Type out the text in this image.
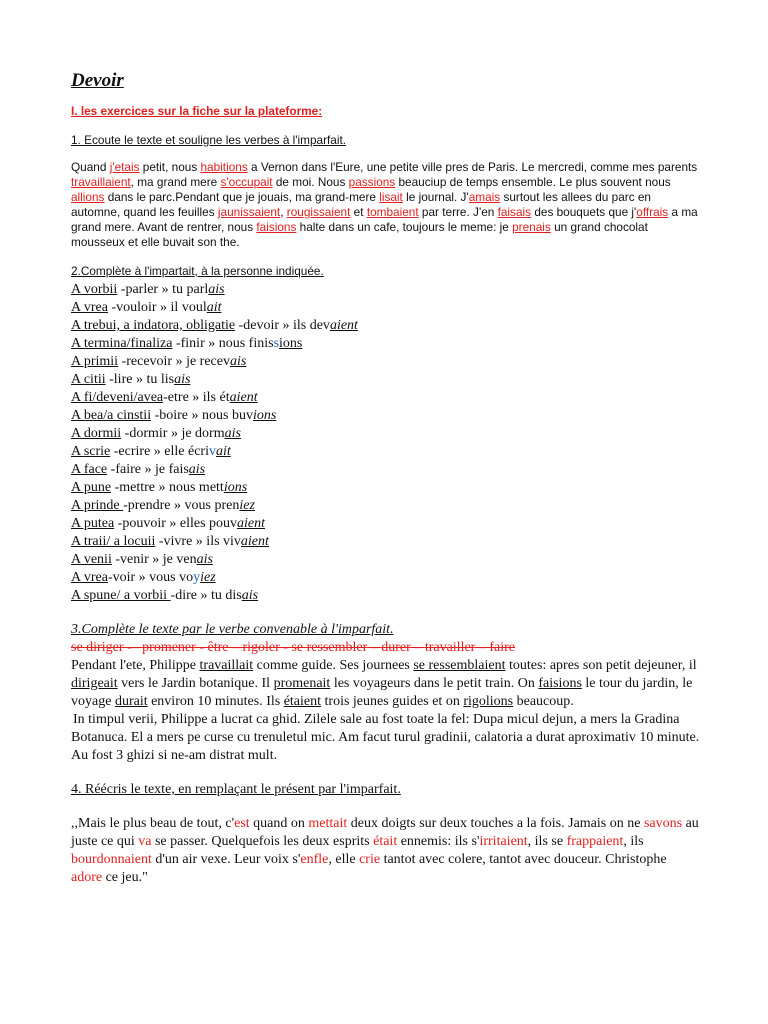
Devoir
I. les exercices sur la fiche sur la plateforme:
1. Ecoute le texte et souligne les verbes à l'imparfait.
Quand j'etais petit, nous habitions a Vernon dans l'Eure, une petite ville pres de Paris. Le mercredi, comme mes parents travaillaient, ma grand mere s'occupait de moi. Nous passions beauciup de temps ensemble. Le plus souvent nous allions dans le parc.Pendant que je jouais, ma grand-mere lisait le journal. J'amais surtout les allees du parc en automne, quand les feuilles jaunissaient, rougissaient et tombaient par terre. J'en faisais des bouquets que j'offrais a ma grand mere. Avant de rentrer, nous faisions halte dans un cafe, toujours le meme: je prenais un grand chocolat mousseux et elle buvait son the.
2.Complète à l'impartait, à la personne indiquée.
A vorbii -parler » tu parlais
A vrea -vouloir » il voulait
A trebui, a indatora, obligatie -devoir » ils devaient
A termina/finaliza -finir » nous finissions
A primii -recevoir » je recevais
A citii -lire » tu lisais
A fi/deveni/avea-etre » ils étaient
A bea/a cinstii -boire » nous buvions
A dormii -dormir » je dormais
A scrie -ecrire » elle écrivait
A face -faire » je faisais
A pune -mettre » nous mettions
A prinde -prendre » vous preniez
A putea -pouvoir » elles pouvaient
A traii/ a locuii -vivre » ils vivaient
A venii -venir » je venais
A vrea-voir » vous voyiez
A spune/ a vorbii -dire » tu disais
3.Complète le texte par le verbe convenable à l'imparfait.
se diriger -– promener - être – rigoler - se ressembler – durer – travailler – faire
Pendant l'ete, Philippe travaillait comme guide. Ses journees se ressemblaient toutes: apres son petit dejeuner, il dirigeait vers le Jardin botanique. Il promenait les voyageurs dans le petit train. On faisions le tour du jardin, le voyage durait environ 10 minutes. Ils étaient trois jeunes guides et on rigolions beaucoup.
In timpul verii, Philippe a lucrat ca ghid. Zilele sale au fost toate la fel: Dupa micul dejun, a mers la Gradina Botanuca. El a mers pe curse cu trenuletul mic. Am facut turul gradinii, calatoria a durat aproximativ 10 minute. Au fost 3 ghizi si ne-am distrat mult.
4. Réécris le texte, en remplaçant le présent par l'imparfait.
,,Mais le plus beau de tout, c'est quand on mettait deux doigts sur deux touches a la fois. Jamais on ne savons au juste ce qui va se passer. Quelquefois les deux esprits était ennemis: ils s'irritaient, ils se frappaient, ils bourdonnaient d'un air vexe. Leur voix s'enfle, elle crie tantot avec colere, tantot avec douceur. Christophe adore ce jeu."
